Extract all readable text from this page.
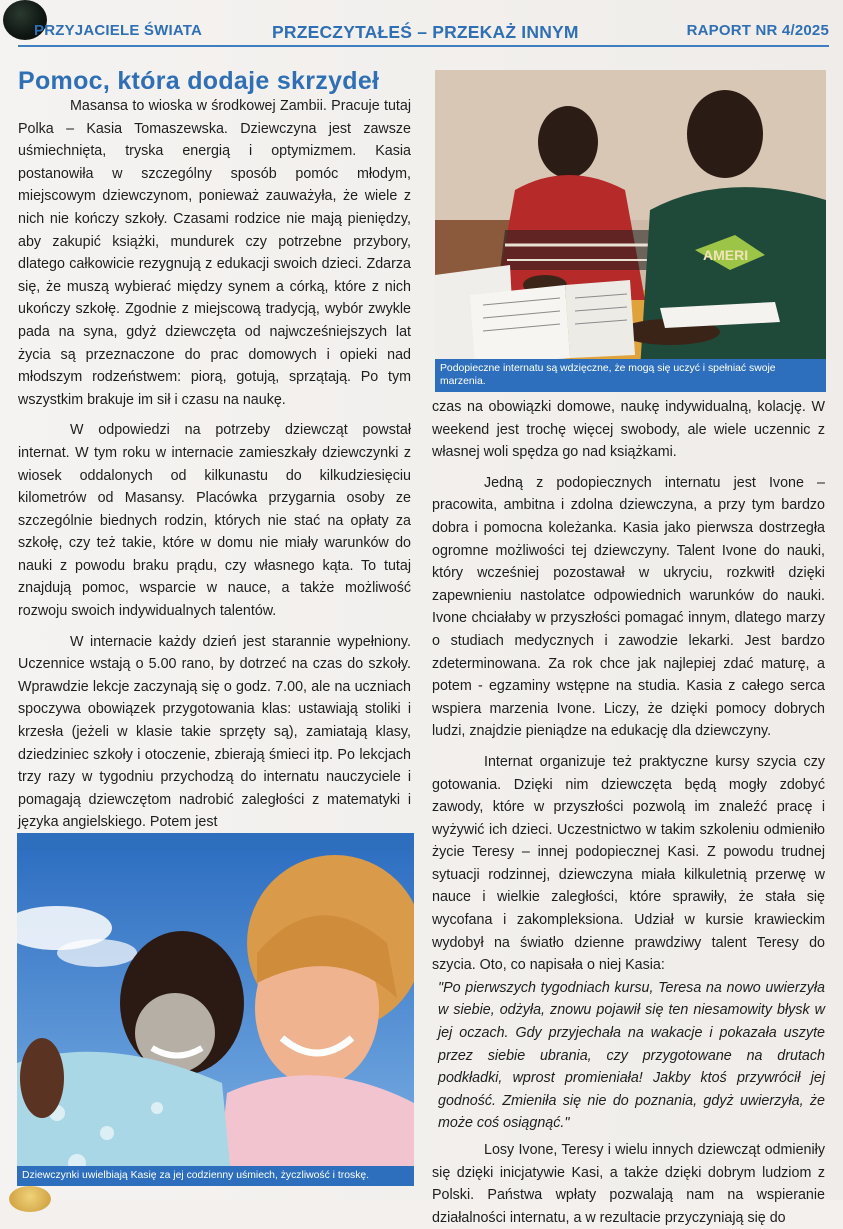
PRZYJACIELE ŚWIATA	PRZECZYTAŁEŚ – PRZEKAŻ INNYM	RAPORT NR 4/2025
Pomoc, która dodaje skrzydeł

Masansa to wioska w środkowej Zambii. Pracuje tutaj Polka – Kasia Tomaszewska. Dziewczyna jest zawsze uśmiechnięta, tryska energią i optymizmem. Kasia postanowiła w szczególny sposób pomóc młodym, miejscowym dziewczynom, ponieważ zauważyła, że wiele z nich nie kończy szkoły. Czasami rodzice nie mają pieniędzy, aby zakupić książki, mundurek czy potrzebne przybory, dlatego całkowicie rezygnują z edukacji swoich dzieci. Zdarza się, że muszą wybierać między synem a córką, które z nich ukończy szkołę. Zgodnie z miejscową tradycją, wybór zwykle pada na syna, gdyż dziewczęta od najwcześniejszych lat życia są przeznaczone do prac domowych i opieki nad młodszym rodzeństwem: piorą, gotują, sprzątają. Po tym wszystkim brakuje im sił i czasu na naukę.

W odpowiedzi na potrzeby dziewcząt powstał internat. W tym roku w internacie zamieszkały dziewczynki z wiosek oddalonych od kilkunastu do kilkudziesięciu kilometrów od Masansy. Placówka przygarnia osoby ze szczególnie biednych rodzin, których nie stać na opłaty za szkołę, czy też takie, które w domu nie miały warunków do nauki z powodu braku prądu, czy własnego kąta. To tutaj znajdują pomoc, wsparcie w nauce, a także możliwość rozwoju swoich indywidualnych talentów.

W internacie każdy dzień jest starannie wypełniony. Uczennice wstają o 5.00 rano, by dotrzeć na czas do szkoły. Wprawdzie lekcje zaczynają się o godz. 7.00, ale na uczniach spoczywa obowiązek przygotowania klas: ustawiają stoliki i krzesła (jeżeli w klasie takie sprzęty są), zamiatają klasy, dziedziniec szkoły i otoczenie, zbierają śmieci itp. Po lekcjach trzy razy w tygodniu przychodzą do internatu nauczyciele i pomagają dziewczętom nadrobić zaległości z matematyki i języka angielskiego. Potem jest

AMERI
Podopieczne internatu są wdzięczne, że mogą się uczyć i spełniać swoje marzenia.

czas na obowiązki domowe, naukę indywidualną, kolację. W weekend jest trochę więcej swobody, ale wiele uczennic z własnej woli spędza go nad książkami.

Jedną z podopiecznych internatu jest Ivone – pracowita, ambitna i zdolna dziewczyna, a przy tym bardzo dobra i pomocna koleżanka. Kasia jako pierwsza dostrzegła ogromne możliwości tej dziewczyny. Talent Ivone do nauki, który wcześniej pozostawał w ukryciu, rozkwitł dzięki zapewnieniu nastolatce odpowiednich warunków do nauki. Ivone chciałaby w przyszłości pomagać innym, dlatego marzy o studiach medycznych i zawodzie lekarki. Jest bardzo zdeterminowana. Za rok chce jak najlepiej zdać maturę, a potem - egzaminy wstępne na studia. Kasia z całego serca wspiera marzenia Ivone. Liczy, że dzięki pomocy dobrych ludzi, znajdzie pieniądze na edukację dla dziewczyny.

Internat organizuje też praktyczne kursy szycia czy gotowania. Dzięki nim dziewczęta będą mogły zdobyć zawody, które w przyszłości pozwolą im znaleźć pracę i wyżywić ich dzieci. Uczestnictwo w takim szkoleniu odmieniło życie Teresy – innej podopiecznej Kasi. Z powodu trudnej sytuacji rodzinnej, dziewczyna miała kilkuletnią przerwę w nauce i wielkie zaległości, które sprawiły, że stała się wycofana i zakompleksiona. Udział w kursie krawieckim wydobył na światło dzienne prawdziwy talent Teresy do szycia. Oto, co napisała o niej Kasia:

"Po pierwszych tygodniach kursu, Teresa na nowo uwierzyła w siebie, odżyła, znowu pojawił się ten niesamowity błysk w jej oczach. Gdy przyjechała na wakacje i pokazała uszyte przez siebie ubrania, czy przygotowane na drutach podkładki, wprost promieniała! Jakby ktoś przywrócił jej godność. Zmieniła się nie do poznania, gdyż uwierzyła, że może coś osiągnąć."

Losy Ivone, Teresy i wielu innych dziewcząt odmieniły się dzięki inicjatywie Kasi, a także dzięki dobrym ludziom z Polski. Państwa wpłaty pozwalają nam na wspieranie działalności internatu, a w rezultacie przyczyniają się do

Dziewczynki uwielbiają Kasię za jej codzienny uśmiech, życzliwość i troskę.
